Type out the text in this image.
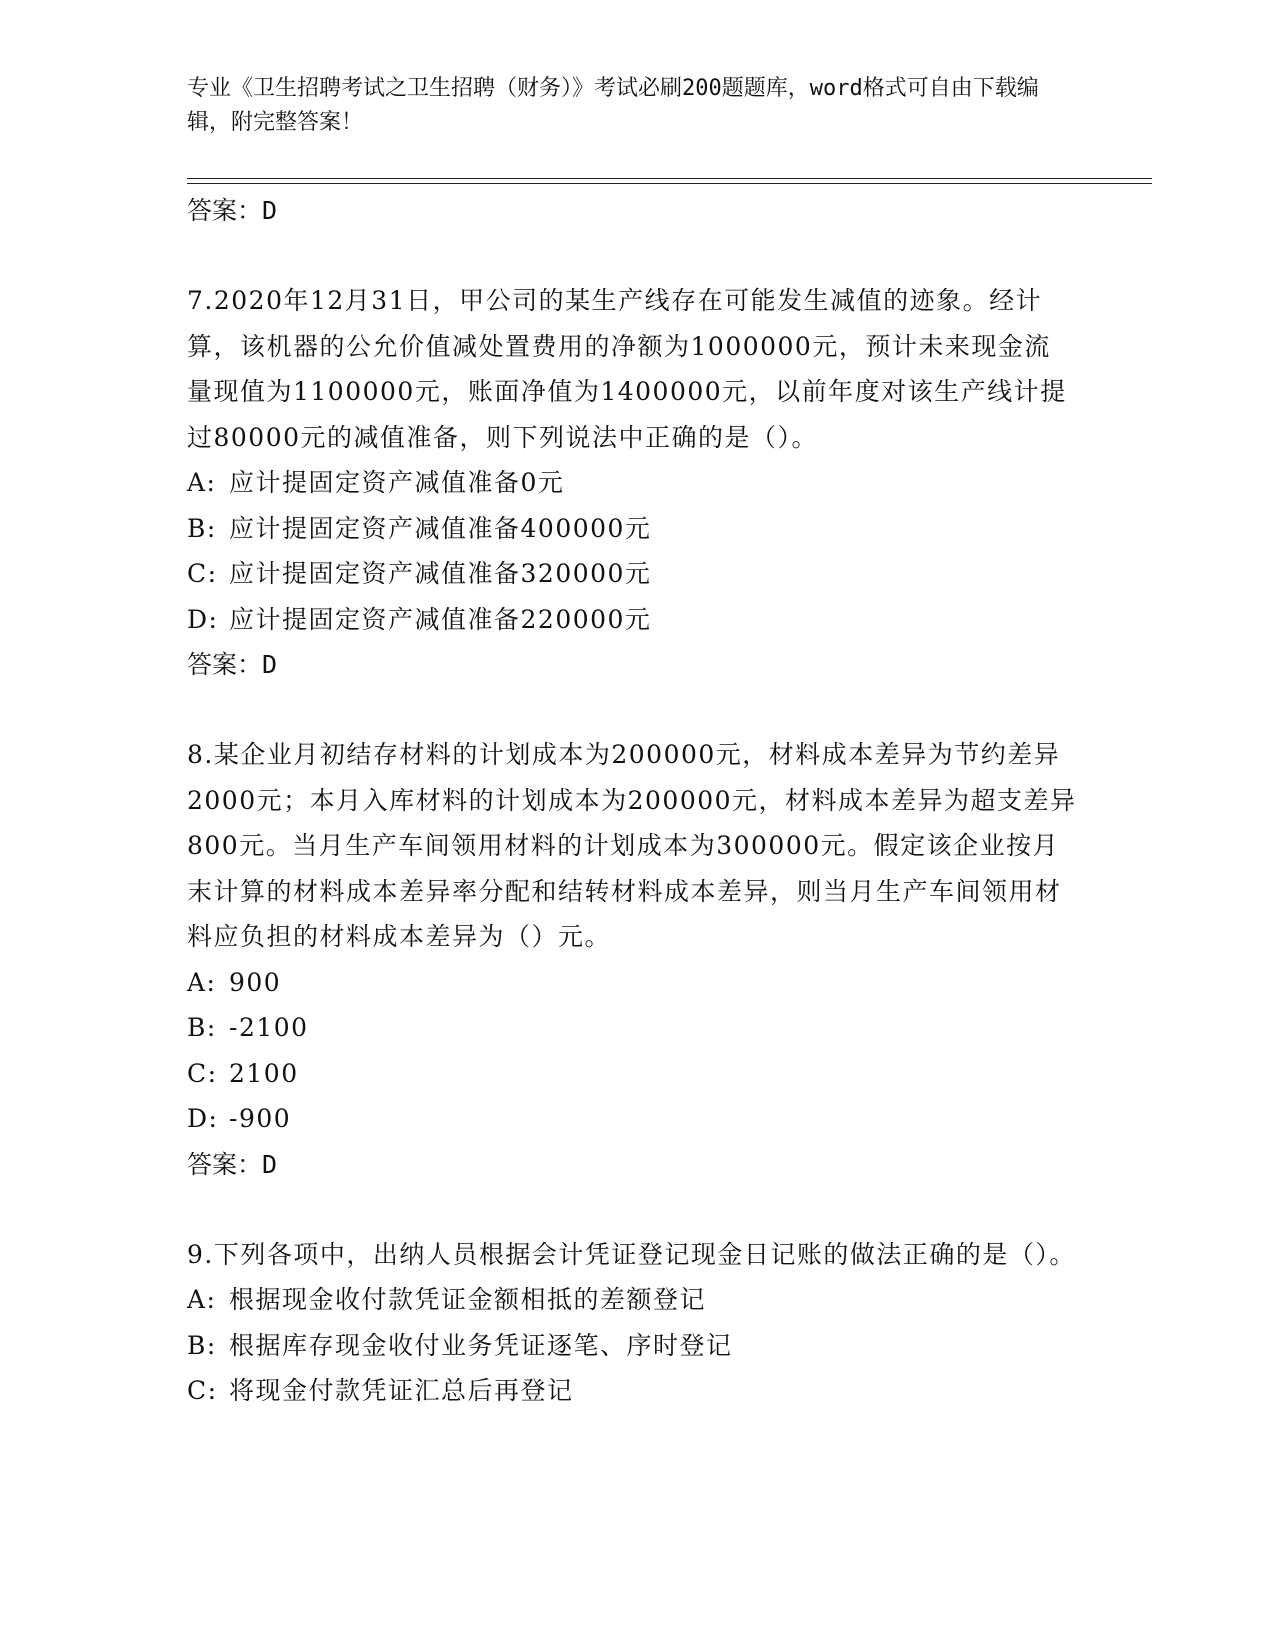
专业《卫生招聘考试之卫生招聘（财务）》考试必刷200题题库，word格式可自由下载编辑，附完整答案！

答案：D

7.2020年12月31日，甲公司的某生产线存在可能发生减值的迹象。经计算，该机器的公允价值减处置费用的净额为1000000元，预计未来现金流量现值为1100000元，账面净值为1400000元，以前年度对该生产线计提过80000元的减值准备，则下列说法中正确的是（）。

A: 应计提固定资产减值准备0元

B: 应计提固定资产减值准备400000元

C: 应计提固定资产减值准备320000元

D: 应计提固定资产减值准备220000元

答案：D

8.某企业月初结存材料的计划成本为200000元，材料成本差异为节约差异2000元；本月入库材料的计划成本为200000元，材料成本差异为超支差异800元。当月生产车间领用材料的计划成本为300000元。假定该企业按月末计算的材料成本差异率分配和结转材料成本差异，则当月生产车间领用材料应负担的材料成本差异为（）元。

A: 900

B: -2100

C: 2100

D: -900

答案：D

9.下列各项中，出纳人员根据会计凭证登记现金日记账的做法正确的是（）。

A: 根据现金收付款凭证金额相抵的差额登记

B: 根据库存现金收付业务凭证逐笔、序时登记

C: 将现金付款凭证汇总后再登记
